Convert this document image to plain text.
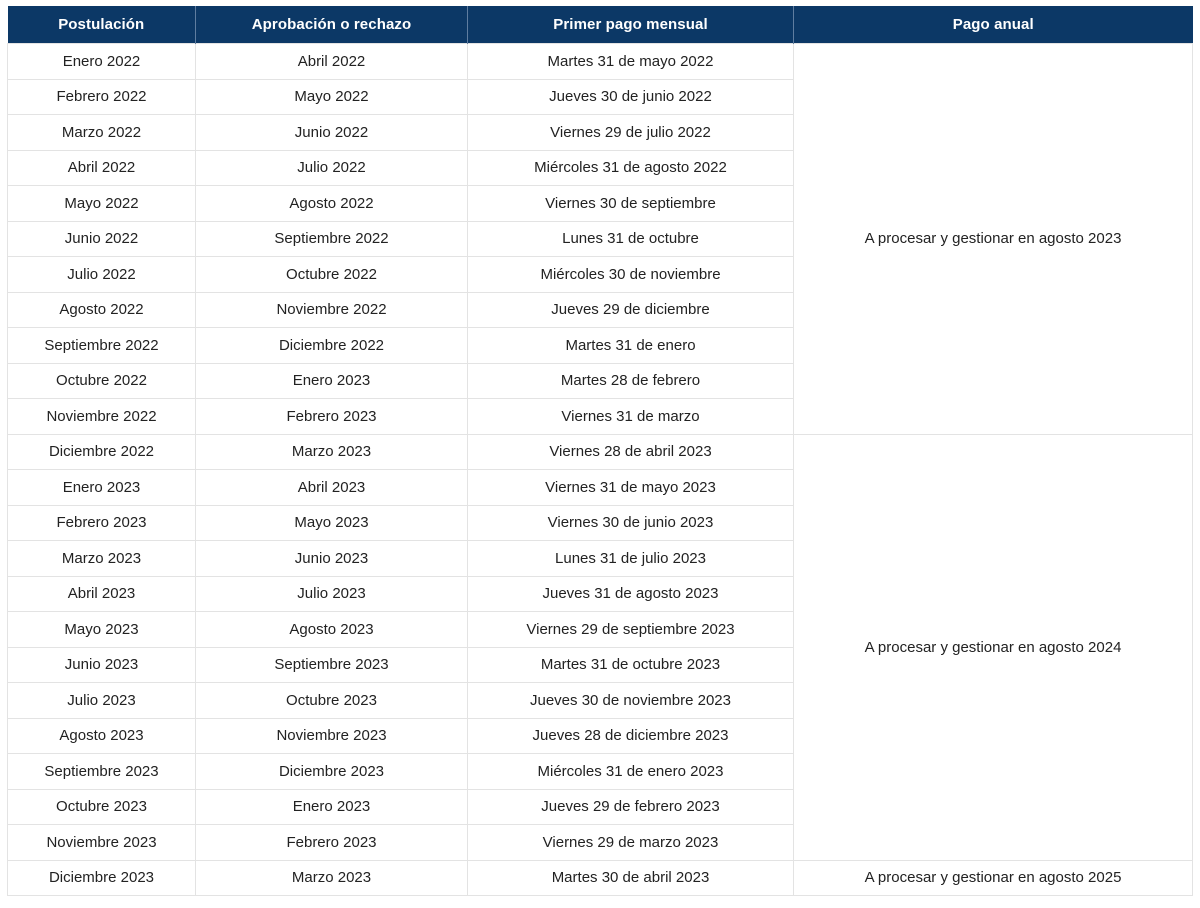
Postulación	Aprobación o rechazo	Primer pago mensual	Pago anual
Enero 2022	Abril 2022	Martes 31 de mayo 2022	A procesar y gestionar en agosto 2023
Febrero 2022	Mayo 2022	Jueves 30 de junio 2022	
Marzo 2022	Junio 2022	Viernes 29 de julio 2022	
Abril 2022	Julio 2022	Miércoles 31 de agosto 2022	
Mayo 2022	Agosto 2022	Viernes 30 de septiembre	
Junio 2022	Septiembre 2022	Lunes 31 de octubre	
Julio 2022	Octubre 2022	Miércoles 30 de noviembre	
Agosto 2022	Noviembre 2022	Jueves 29 de diciembre	
Septiembre 2022	Diciembre 2022	Martes 31 de enero	
Octubre 2022	Enero 2023	Martes 28 de febrero	
Noviembre 2022	Febrero 2023	Viernes 31 de marzo	
Diciembre 2022	Marzo 2023	Viernes 28 de abril 2023	A procesar y gestionar en agosto 2024
Enero 2023	Abril 2023	Viernes 31 de mayo 2023	
Febrero 2023	Mayo 2023	Viernes 30 de junio 2023	
Marzo 2023	Junio 2023	Lunes 31 de julio 2023	
Abril 2023	Julio 2023	Jueves 31 de agosto 2023	
Mayo 2023	Agosto 2023	Viernes 29 de septiembre 2023	
Junio 2023	Septiembre 2023	Martes 31 de octubre 2023	
Julio 2023	Octubre 2023	Jueves 30 de noviembre 2023	
Agosto 2023	Noviembre 2023	Jueves 28 de diciembre 2023	
Septiembre 2023	Diciembre 2023	Miércoles 31 de enero 2023	
Octubre 2023	Enero 2023	Jueves 29 de febrero 2023	
Noviembre 2023	Febrero 2023	Viernes 29 de marzo 2023	
Diciembre 2023	Marzo 2023	Martes 30 de abril 2023	A procesar y gestionar en agosto 2025
